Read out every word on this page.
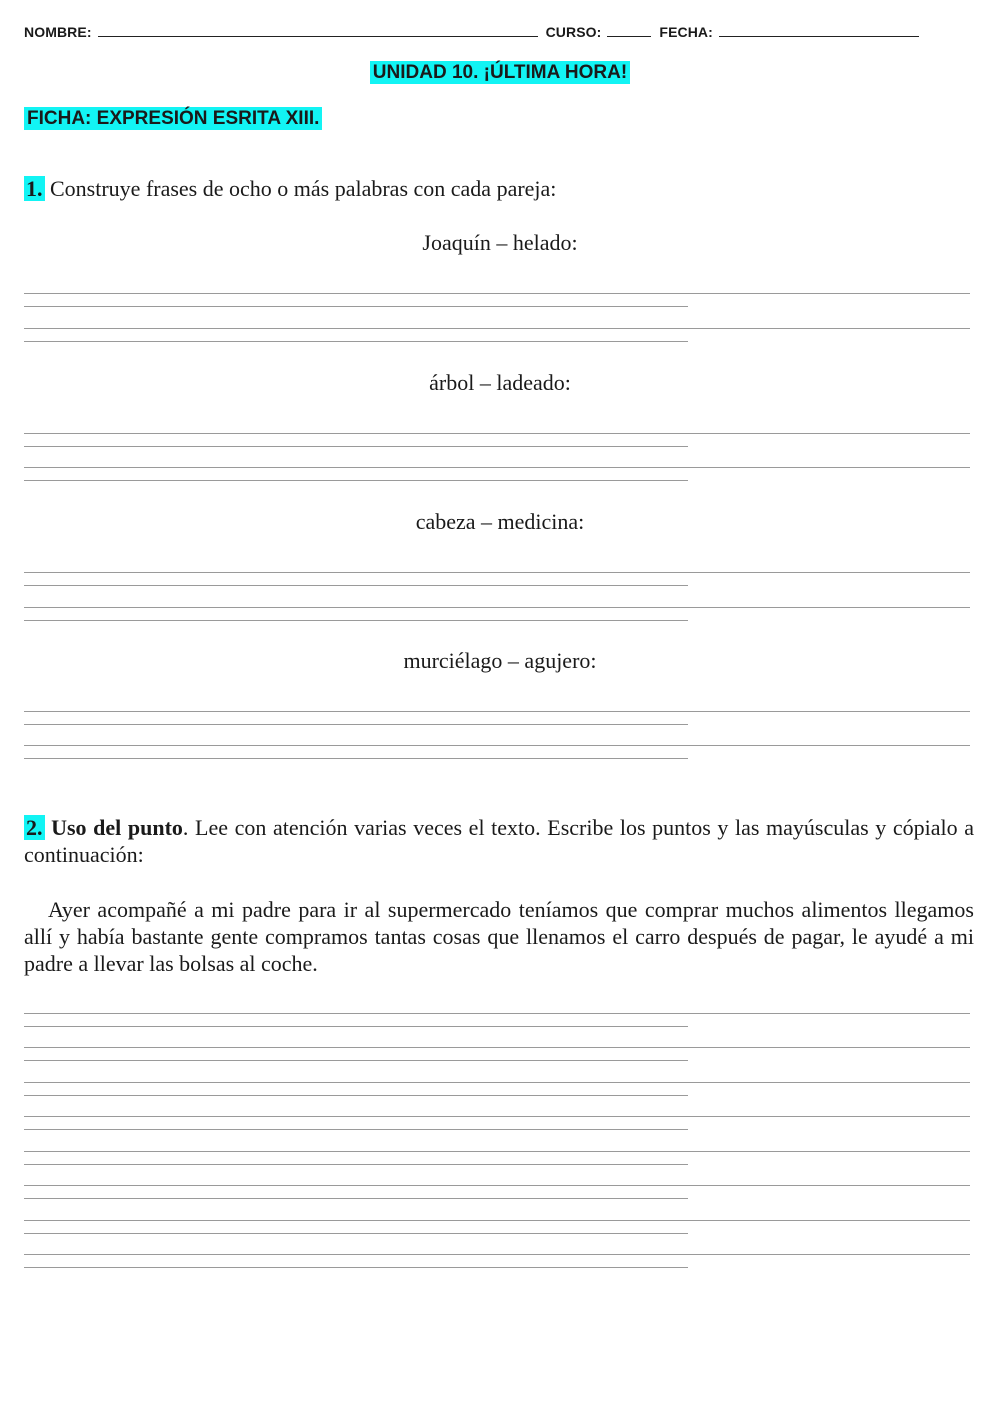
NOMBRE:	CURSO:	FECHA:
UNIDAD 10. ¡ÚLTIMA HORA!
FICHA: EXPRESIÓN ESRITA XIII.
1. Construye frases de ocho o más palabras con cada pareja:
Joaquín – helado:
árbol – ladeado:
cabeza – medicina:
murciélago – agujero:
2. Uso del punto. Lee con atención varias veces el texto. Escribe los puntos y las mayúsculas y cópialo a continuación:
Ayer acompañé a mi padre para ir al supermercado teníamos que comprar muchos alimentos llegamos allí y había bastante gente compramos tantas cosas que llenamos el carro después de pagar, le ayudé a mi padre a llevar las bolsas al coche.
